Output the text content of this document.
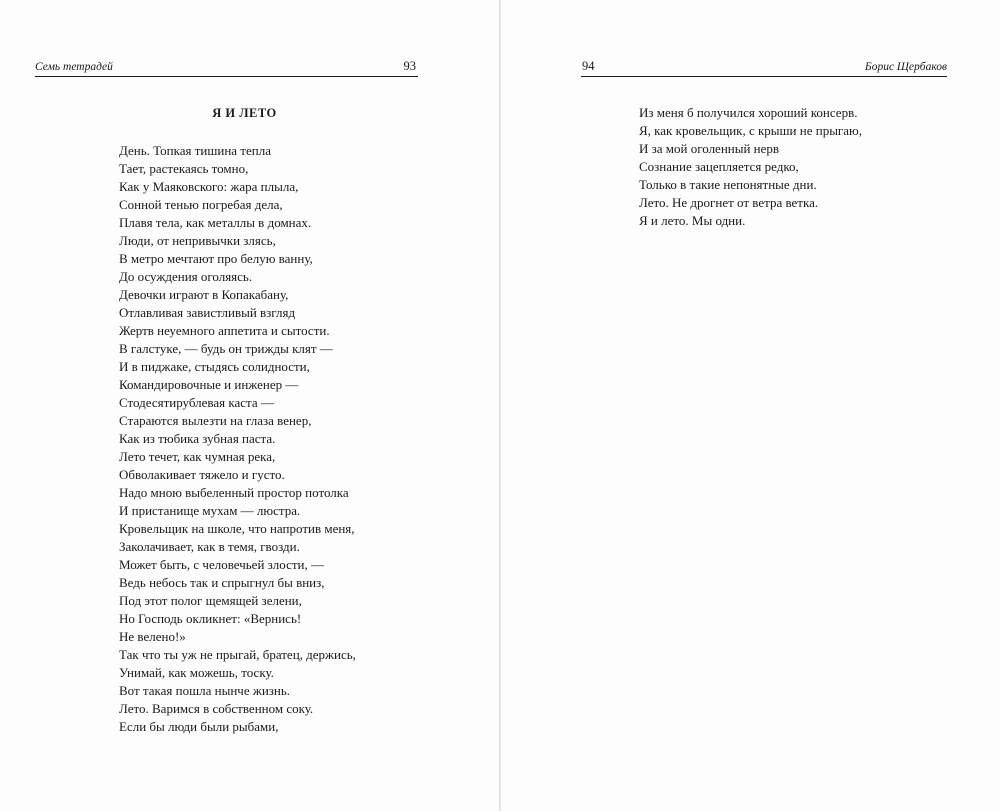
Семь тетрадей	93
Я И ЛЕТО
День. Топкая тишина тепла
Тает, растекаясь томно,
Как у Маяковского: жара плыла,
Сонной тенью погребая дела,
Плавя тела, как металлы в домнах.
Люди, от непривычки злясь,
В метро мечтают про белую ванну,
До осуждения оголяясь.
Девочки играют в Копакабану,
Отлавливая завистливый взгляд
Жертв неуемного аппетита и сытости.
В галстуке, — будь он трижды клят —
И в пиджаке, стыдясь солидности,
Командировочные и инженер —
Стодесятирублевая каста —
Стараются вылезти на глаза венер,
Как из тюбика зубная паста.
Лето течет, как чумная река,
Обволакивает тяжело и густо.
Надо мною выбеленный простор потолка
И пристанище мухам — люстра.
Кровельщик на школе, что напротив меня,
Заколачивает, как в темя, гвозди.
Может быть, с человечьей злости, —
Ведь небось так и спрыгнул бы вниз,
Под этот полог щемящей зелени,
Но Господь окликнет: «Вернись!
Не велено!»
Так что ты уж не прыгай, братец, держись,
Унимай, как можешь, тоску.
Вот такая пошла нынче жизнь.
Лето. Варимся в собственном соку.
Если бы люди были рыбами,
94	Борис Щербаков
Из меня б получился хороший консерв.
Я, как кровельщик, с крыши не прыгаю,
И за мой оголенный нерв
Сознание зацепляется редко,
Только в такие непонятные дни.
Лето. Не дрогнет от ветра ветка.
Я и лето. Мы одни.
